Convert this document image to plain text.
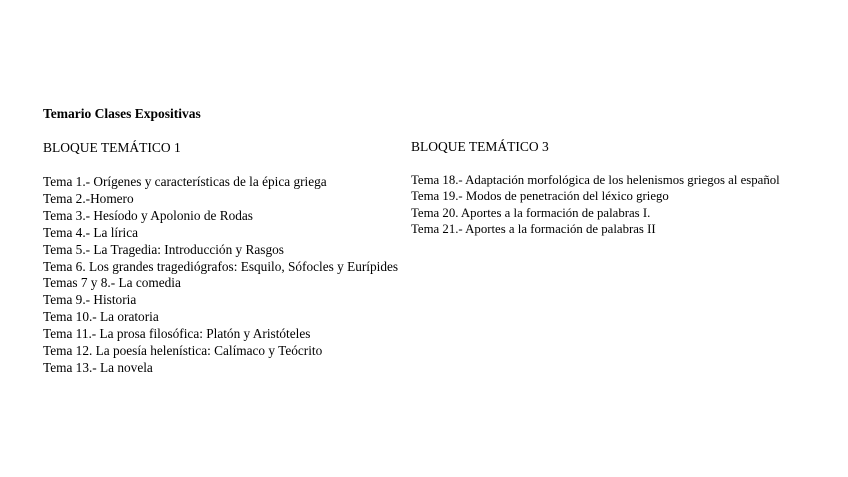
Temario Clases Expositivas
BLOQUE TEMÁTICO 1
Tema 1.- Orígenes y características de la épica griega
Tema 2.-Homero
Tema 3.- Hesíodo y Apolonio de Rodas
Tema 4.- La lírica
Tema 5.- La Tragedia: Introducción y Rasgos
Tema 6. Los grandes tragediógrafos: Esquilo, Sófocles y Eurípides
Temas 7 y 8.- La comedia
Tema 9.- Historia
Tema 10.- La oratoria
Tema 11.- La prosa filosófica: Platón y Aristóteles
Tema 12. La poesía helenística: Calímaco y Teócrito
Tema 13.- La novela
BLOQUE TEMÁTICO 3
Tema 18.- Adaptación morfológica de los helenismos griegos al español
Tema 19.- Modos de penetración del léxico griego
Tema 20. Aportes a la formación de palabras I.
Tema 21.- Aportes a la formación de palabras II
